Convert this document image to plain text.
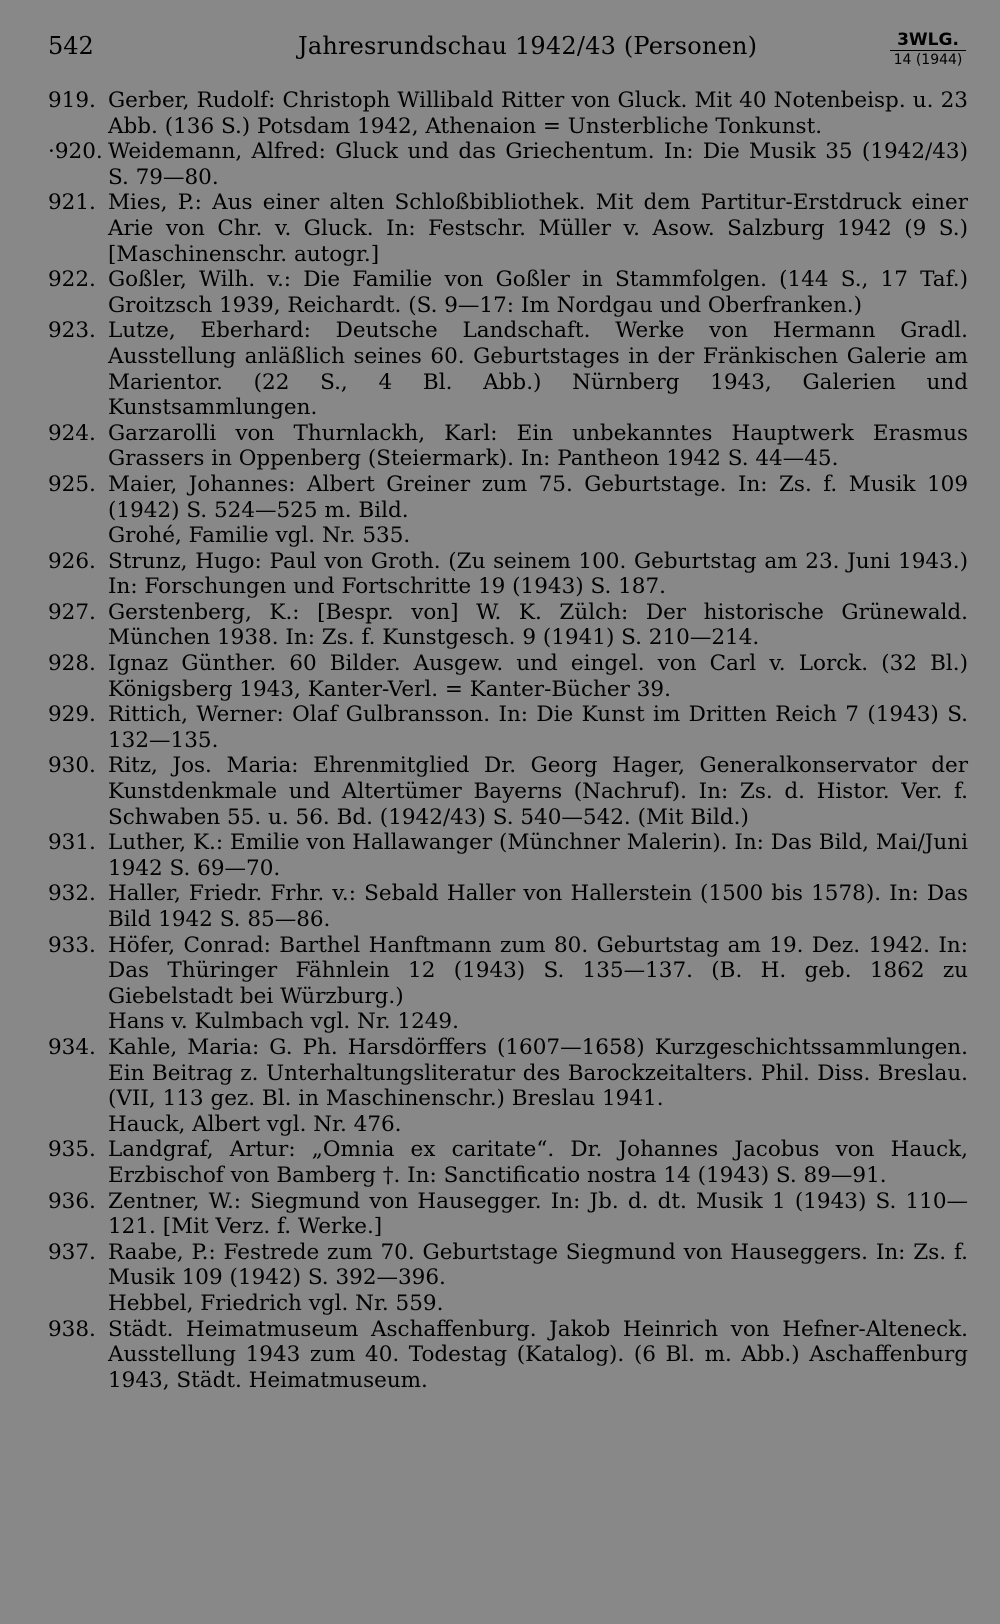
542	Jahresrundschau 1942/43 (Personen)	3WLG.
14 (1944)
919. Gerber, Rudolf: Christoph Willibald Ritter von Gluck. Mit 40 Notenbeisp. u. 23 Abb. (136 S.) Potsdam 1942, Athenaion = Unsterbliche Tonkunst.
·920. Weidemann, Alfred: Gluck und das Griechentum. In: Die Musik 35 (1942/43) S. 79—80.
921. Mies, P.: Aus einer alten Schloßbibliothek. Mit dem Partitur-Erstdruck einer Arie von Chr. v. Gluck. In: Festschr. Müller v. Asow. Salzburg 1942 (9 S.) [Maschinenschr. autogr.]
922. Goßler, Wilh. v.: Die Familie von Goßler in Stammfolgen. (144 S., 17 Taf.) Groitzsch 1939, Reichardt. (S. 9—17: Im Nordgau und Oberfranken.)
923. Lutze, Eberhard: Deutsche Landschaft. Werke von Hermann Gradl. Ausstellung anläßlich seines 60. Geburtstages in der Fränkischen Galerie am Marientor. (22 S., 4 Bl. Abb.) Nürnberg 1943, Galerien und Kunstsammlungen.
924. Garzarolli von Thurnlackh, Karl: Ein unbekanntes Hauptwerk Erasmus Grassers in Oppenberg (Steiermark). In: Pantheon 1942 S. 44—45.
925. Maier, Johannes: Albert Greiner zum 75. Geburtstage. In: Zs. f. Musik 109 (1942) S. 524—525 m. Bild.
Grohé, Familie vgl. Nr. 535.
926. Strunz, Hugo: Paul von Groth. (Zu seinem 100. Geburtstag am 23. Juni 1943.) In: Forschungen und Fortschritte 19 (1943) S. 187.
927. Gerstenberg, K.: [Bespr. von] W. K. Zülch: Der historische Grünewald. München 1938. In: Zs. f. Kunstgesch. 9 (1941) S. 210—214.
928. Ignaz Günther. 60 Bilder. Ausgew. und eingel. von Carl v. Lorck. (32 Bl.) Königsberg 1943, Kanter-Verl. = Kanter-Bücher 39.
929. Rittich, Werner: Olaf Gulbransson. In: Die Kunst im Dritten Reich 7 (1943) S. 132—135.
930. Ritz, Jos. Maria: Ehrenmitglied Dr. Georg Hager, Generalkonservator der Kunstdenkmale und Altertümer Bayerns (Nachruf). In: Zs. d. Histor. Ver. f. Schwaben 55. u. 56. Bd. (1942/43) S. 540—542. (Mit Bild.)
931. Luther, K.: Emilie von Hallawanger (Münchner Malerin). In: Das Bild, Mai/Juni 1942 S. 69—70.
932. Haller, Friedr. Frhr. v.: Sebald Haller von Hallerstein (1500 bis 1578). In: Das Bild 1942 S. 85—86.
933. Höfer, Conrad: Barthel Hanftmann zum 80. Geburtstag am 19. Dez. 1942. In: Das Thüringer Fähnlein 12 (1943) S. 135—137. (B. H. geb. 1862 zu Giebelstadt bei Würzburg.)
Hans v. Kulmbach vgl. Nr. 1249.
934. Kahle, Maria: G. Ph. Harsdörffers (1607—1658) Kurzgeschichtssammlungen. Ein Beitrag z. Unterhaltungsliteratur des Barockzeitalters. Phil. Diss. Breslau. (VII, 113 gez. Bl. in Maschinenschr.) Breslau 1941.
Hauck, Albert vgl. Nr. 476.
935. Landgraf, Artur: „Omnia ex caritate“. Dr. Johannes Jacobus von Hauck, Erzbischof von Bamberg †. In: Sanctificatio nostra 14 (1943) S. 89—91.
936. Zentner, W.: Siegmund von Hausegger. In: Jb. d. dt. Musik 1 (1943) S. 110—121. [Mit Verz. f. Werke.]
937. Raabe, P.: Festrede zum 70. Geburtstage Siegmund von Hauseggers. In: Zs. f. Musik 109 (1942) S. 392—396.
Hebbel, Friedrich vgl. Nr. 559.
938. Städt. Heimatmuseum Aschaffenburg. Jakob Heinrich von Hefner-Alteneck. Ausstellung 1943 zum 40. Todestag (Katalog). (6 Bl. m. Abb.) Aschaffenburg 1943, Städt. Heimatmuseum.
